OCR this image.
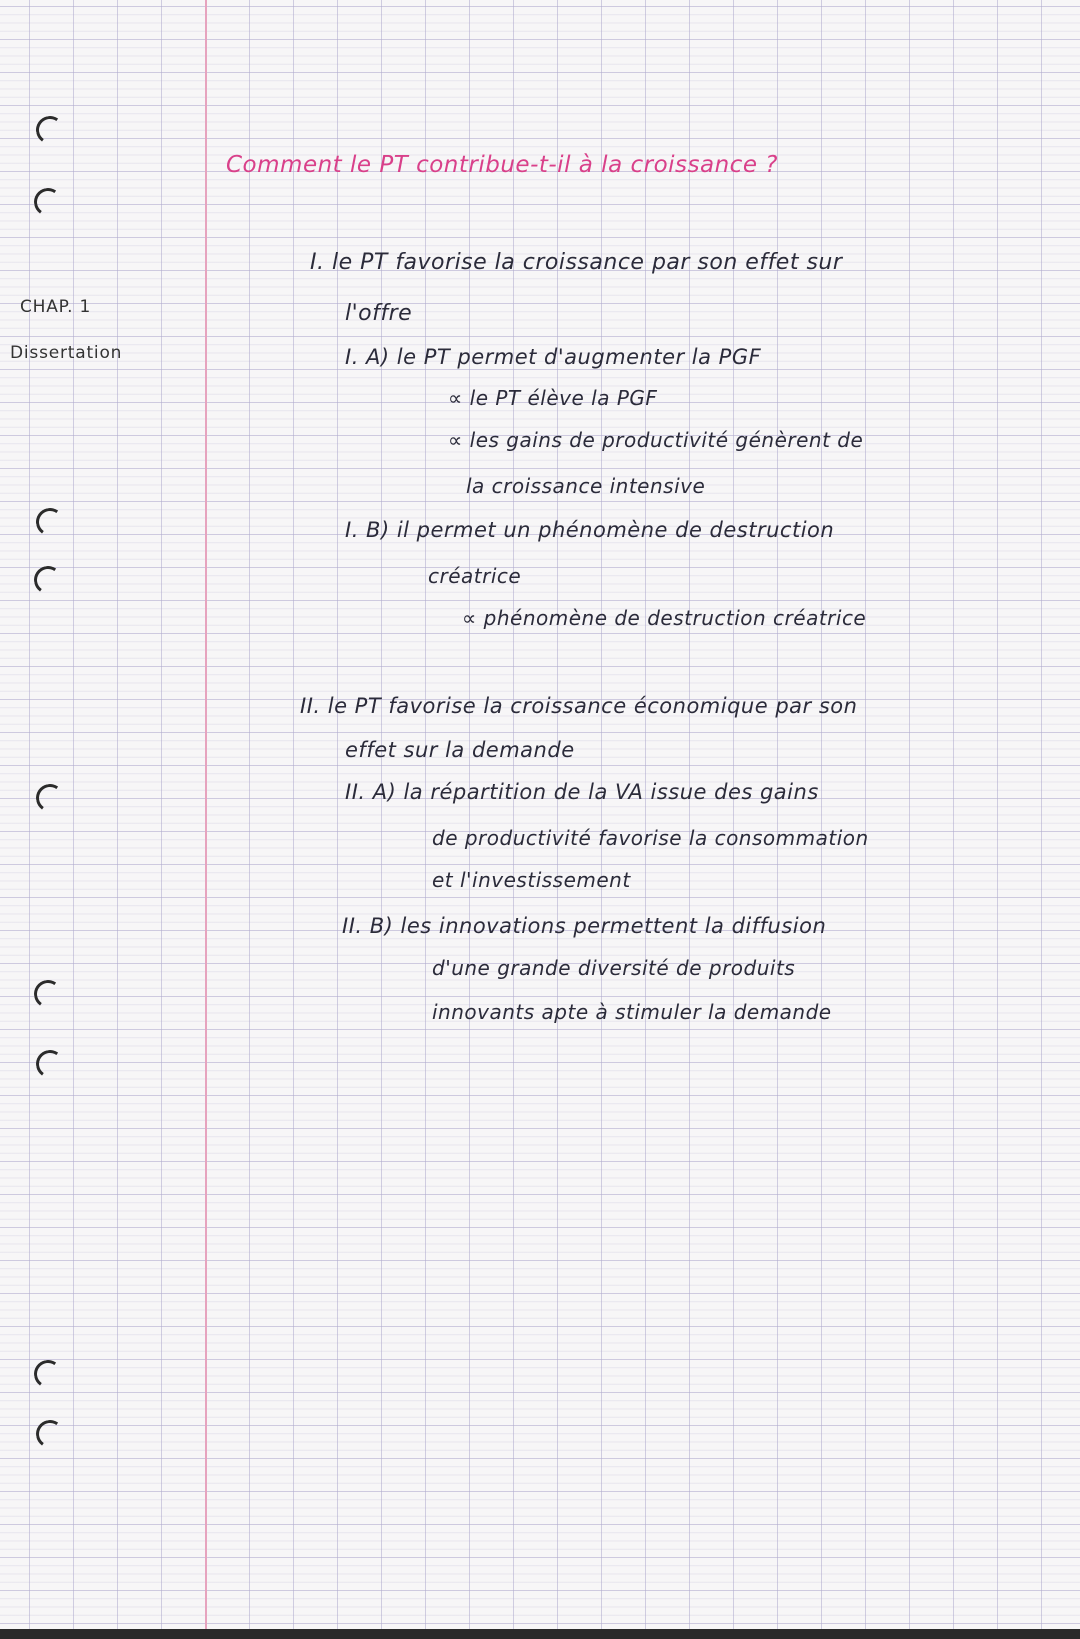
CHAP. 1
Dissertation
Comment le PT contribue-t-il à la croissance ?
I. le PT favorise la croissance par son effet sur
l'offre
I. A) le PT permet d'augmenter la PGF
∝ le PT élève la PGF
∝ les gains de productivité génèrent de
la croissance intensive
I. B) il permet un phénomène de destruction
créatrice
∝ phénomène de destruction créatrice
II. le PT favorise la croissance économique par son
effet sur la demande
II. A) la répartition de la VA issue des gains
de productivité favorise la consommation
et l'investissement
II. B) les innovations permettent la diffusion
d'une grande diversité de produits
innovants apte à stimuler la demande
